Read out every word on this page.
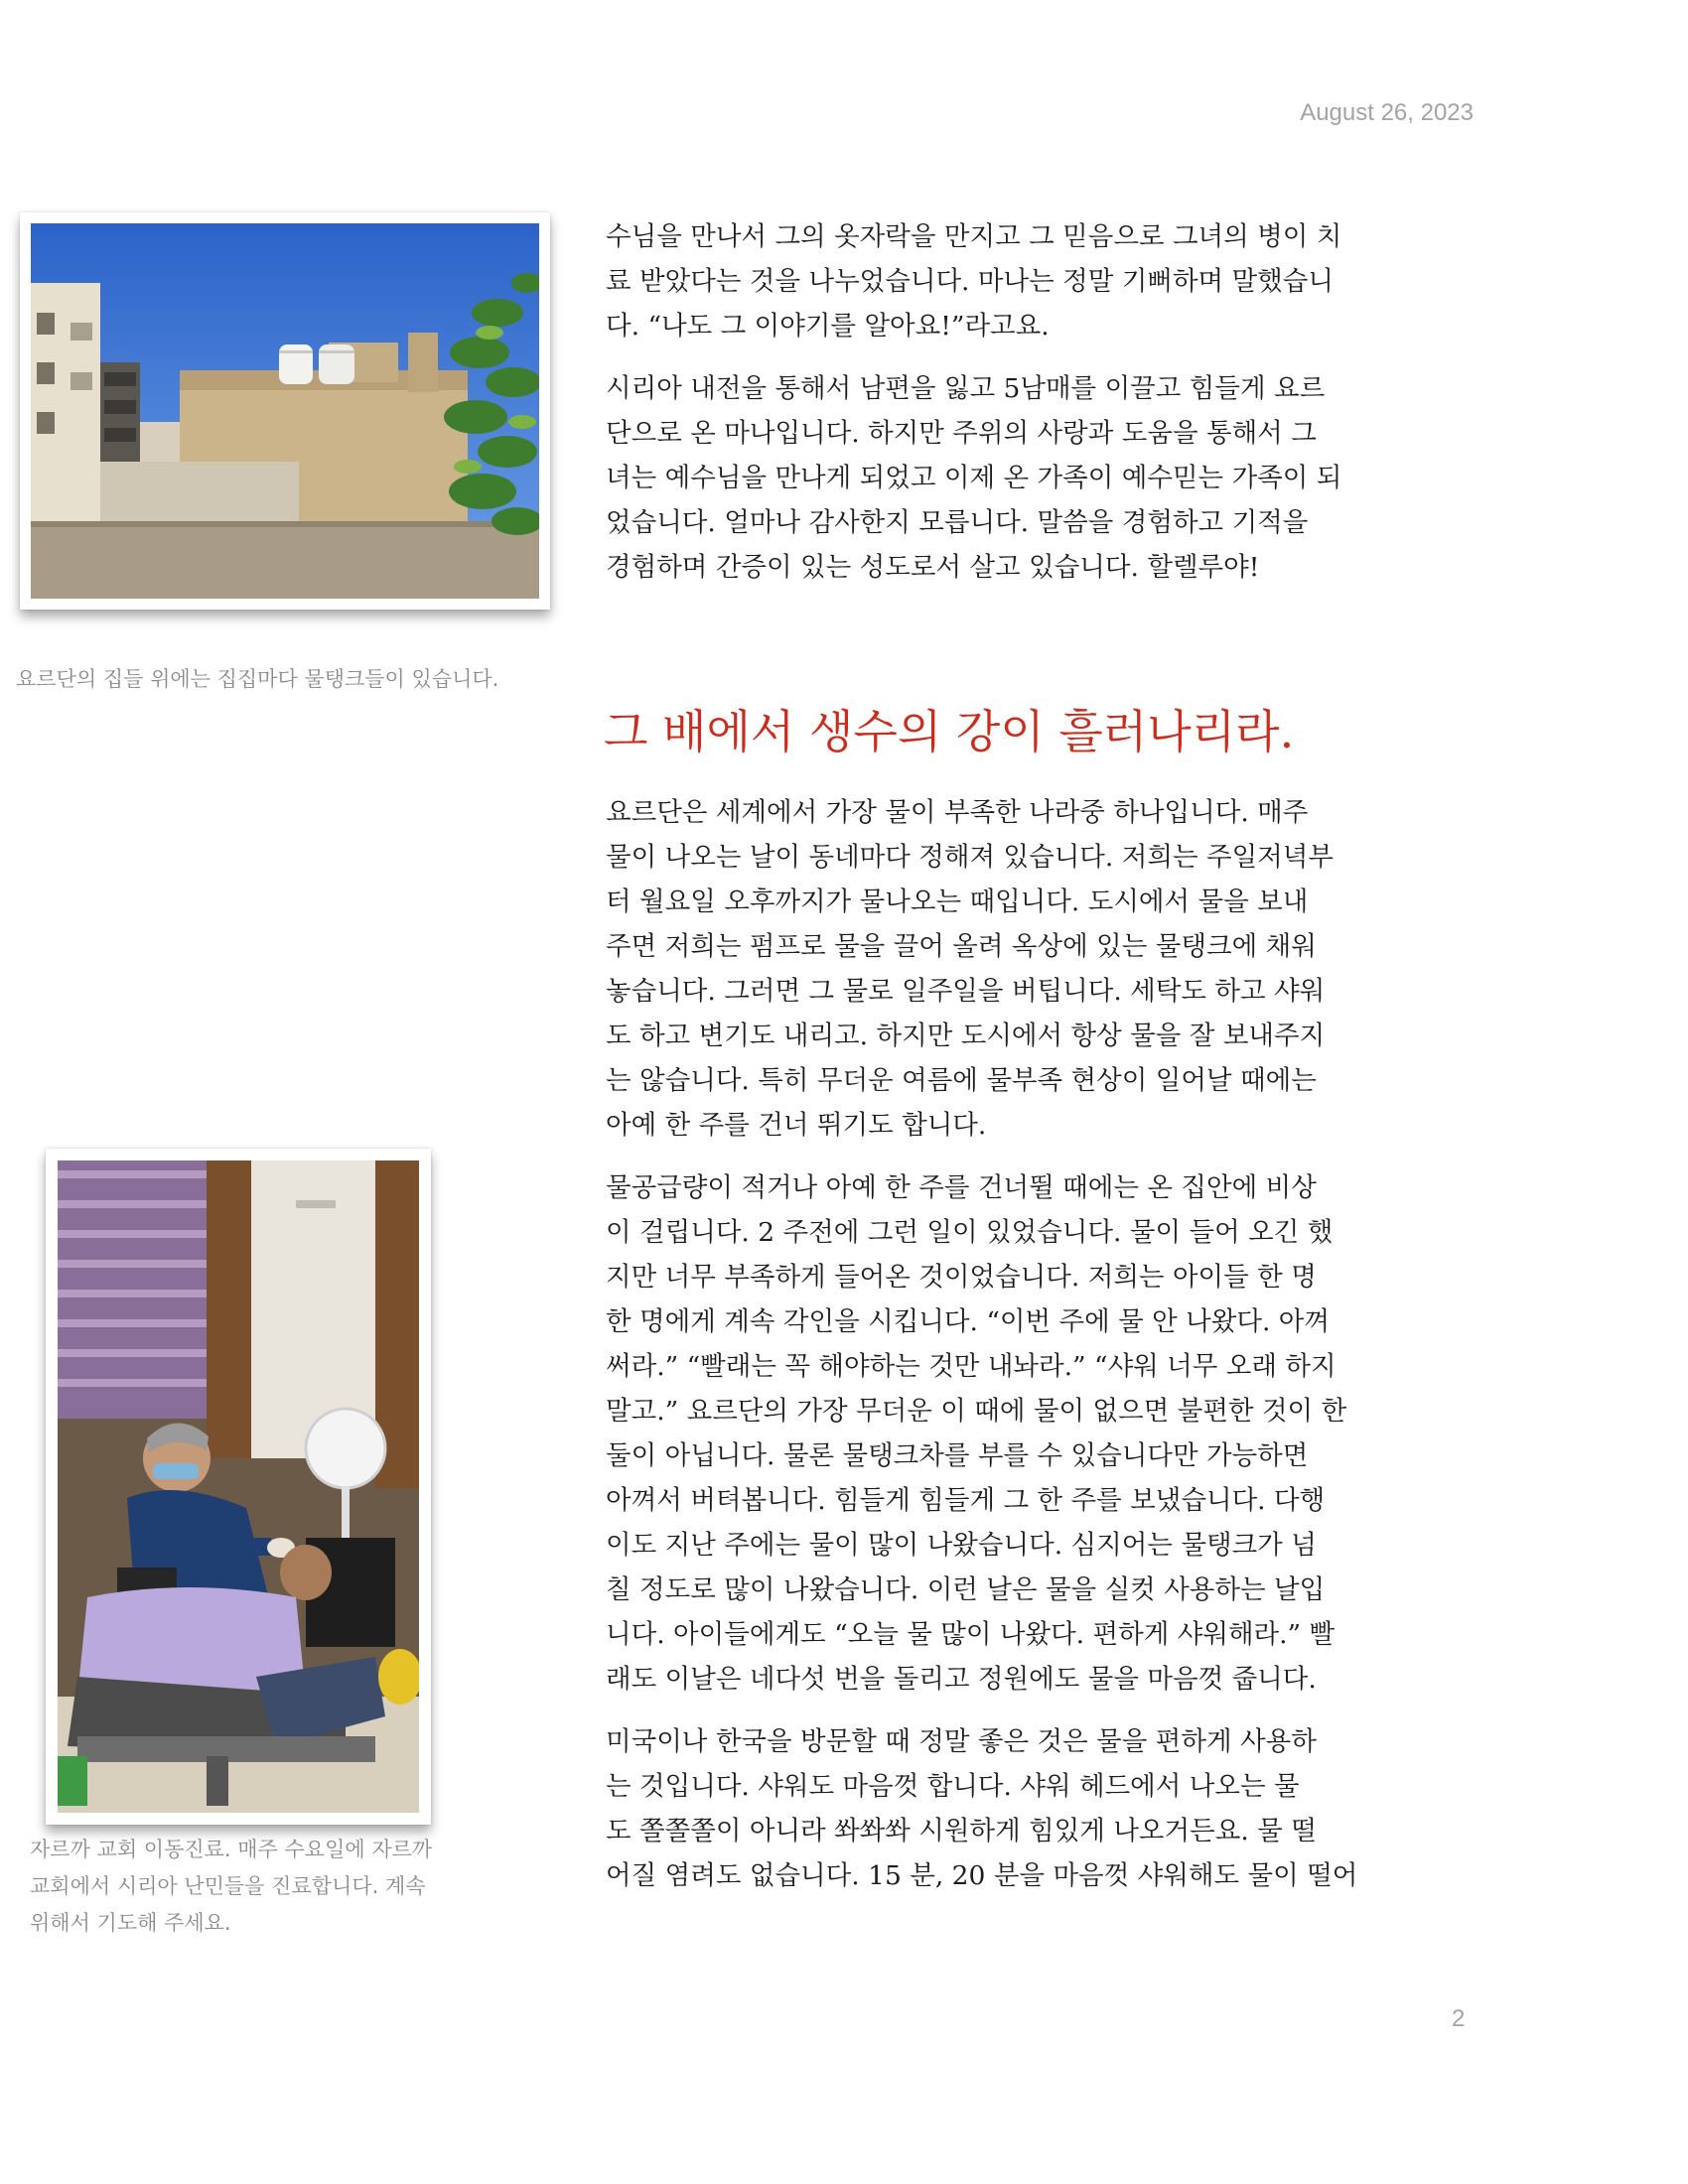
August 26, 2023
요르단의 집들 위에는 집집마다 물탱크들이 있습니다.
자르까 교회 이동진료. 매주 수요일에 자르까
교회에서 시리아 난민들을 진료합니다. 계속
위해서 기도해 주세요.

수님을 만나서 그의 옷자락을 만지고 그 믿음으로 그녀의 병이 치
료 받았다는 것을 나누었습니다. 마나는 정말 기뻐하며 말했습니
다. “나도 그 이야기를 알아요!”라고요.

시리아 내전을 통해서 남편을 잃고 5남매를 이끌고 힘들게 요르
단으로 온 마나입니다. 하지만 주위의 사랑과 도움을 통해서 그
녀는 예수님을 만나게 되었고 이제 온 가족이 예수믿는 가족이 되
었습니다. 얼마나 감사한지 모릅니다. 말씀을 경험하고 기적을
경험하며 간증이 있는 성도로서 살고 있습니다. 할렐루야!

그 배에서 생수의 강이 흘러나리라.

요르단은 세계에서 가장 물이 부족한 나라중 하나입니다. 매주
물이 나오는 날이 동네마다 정해져 있습니다. 저희는 주일저녁부
터 월요일 오후까지가 물나오는 때입니다. 도시에서 물을 보내
주면 저희는 펌프로 물을 끌어 올려 옥상에 있는 물탱크에 채워
놓습니다. 그러면 그 물로 일주일을 버팁니다. 세탁도 하고 샤워
도 하고 변기도 내리고. 하지만 도시에서 항상 물을 잘 보내주지
는 않습니다. 특히 무더운 여름에 물부족 현상이 일어날 때에는
아예 한 주를 건너 뛰기도 합니다.

물공급량이 적거나 아예 한 주를 건너뛸 때에는 온 집안에 비상
이 걸립니다. 2 주전에 그런 일이 있었습니다. 물이 들어 오긴 했
지만 너무 부족하게 들어온 것이었습니다. 저희는 아이들 한 명
한 명에게 계속 각인을 시킵니다. “이번 주에 물 안 나왔다. 아껴
써라.” “빨래는 꼭 해야하는 것만 내놔라.” “샤워 너무 오래 하지
말고.” 요르단의 가장 무더운 이 때에 물이 없으면 불편한 것이 한
둘이 아닙니다. 물론 물탱크차를 부를 수 있습니다만 가능하면
아껴서 버텨봅니다. 힘들게 힘들게 그 한 주를 보냈습니다. 다행
이도 지난 주에는 물이 많이 나왔습니다. 심지어는 물탱크가 넘
칠 정도로 많이 나왔습니다. 이런 날은 물을 실컷 사용하는 날입
니다. 아이들에게도 “오늘 물 많이 나왔다. 편하게 샤워해라.” 빨
래도 이날은 네다섯 번을 돌리고 정원에도 물을 마음껏 줍니다.

미국이나 한국을 방문할 때 정말 좋은 것은 물을 편하게 사용하
는 것입니다. 샤워도 마음껏 합니다. 샤워 헤드에서 나오는 물
도 쫄쫄쫄이 아니라 쏴쏴쏴 시원하게 힘있게 나오거든요. 물 떨
어질 염려도 없습니다. 15 분, 20 분을 마음껏 샤워해도 물이 떨어

2
